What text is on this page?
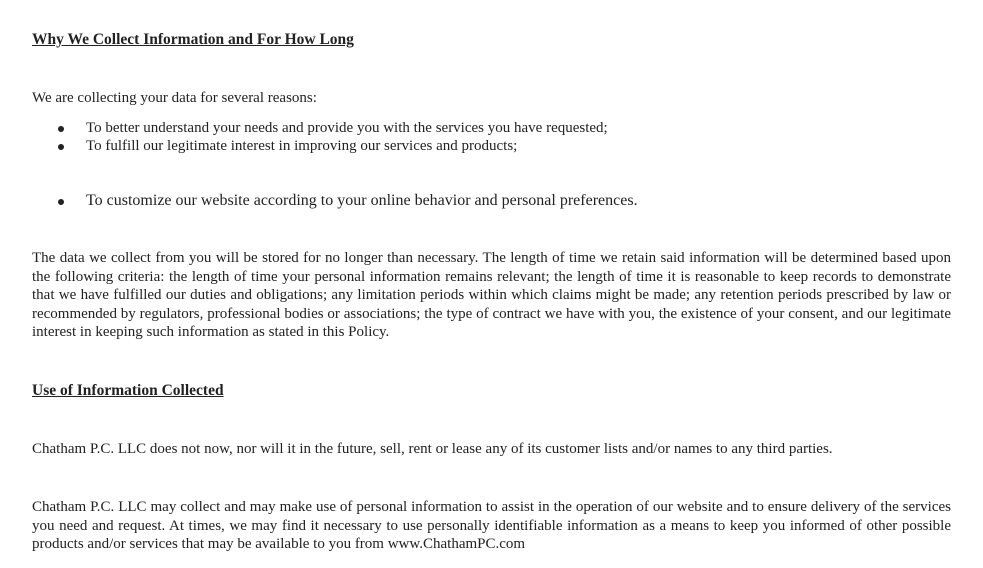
Why We Collect Information and For How Long

We are collecting your data for several reasons:

To better understand your needs and provide you with the services you have requested;
To fulfill our legitimate interest in improving our services and products;
To customize our website according to your online behavior and personal preferences.

The data we collect from you will be stored for no longer than necessary. The length of time we retain said information will be determined based upon the following criteria: the length of time your personal information remains relevant; the length of time it is reasonable to keep records to demonstrate that we have fulfilled our duties and obligations; any limitation periods within which claims might be made; any retention periods prescribed by law or recommended by regulators, professional bodies or associations; the type of contract we have with you, the existence of your consent, and our legitimate interest in keeping such information as stated in this Policy.

Use of Information Collected

Chatham P.C. LLC does not now, nor will it in the future, sell, rent or lease any of its customer lists and/or names to any third parties.

Chatham P.C. LLC may collect and may make use of personal information to assist in the operation of our website and to ensure delivery of the services you need and request. At times, we may find it necessary to use personally identifiable information as a means to keep you informed of other possible products and/or services that may be available to you from www.ChathamPC.com
